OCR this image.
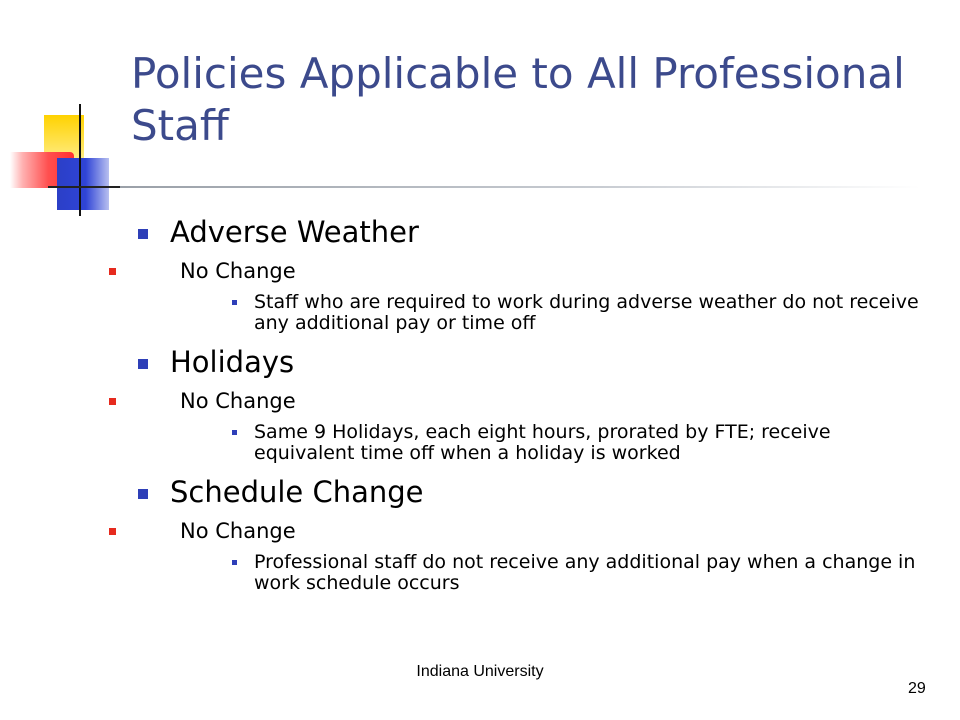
Policies Applicable to All Professional Staff
Adverse Weather
No Change
Staff who are required to work during adverse weather do not receive any additional pay or time off
Holidays
No Change
Same 9 Holidays, each eight hours, prorated by FTE; receive equivalent time off when a holiday is worked
Schedule Change
No Change
Professional staff do not receive any additional pay when a change in work schedule occurs
Indiana University
29
